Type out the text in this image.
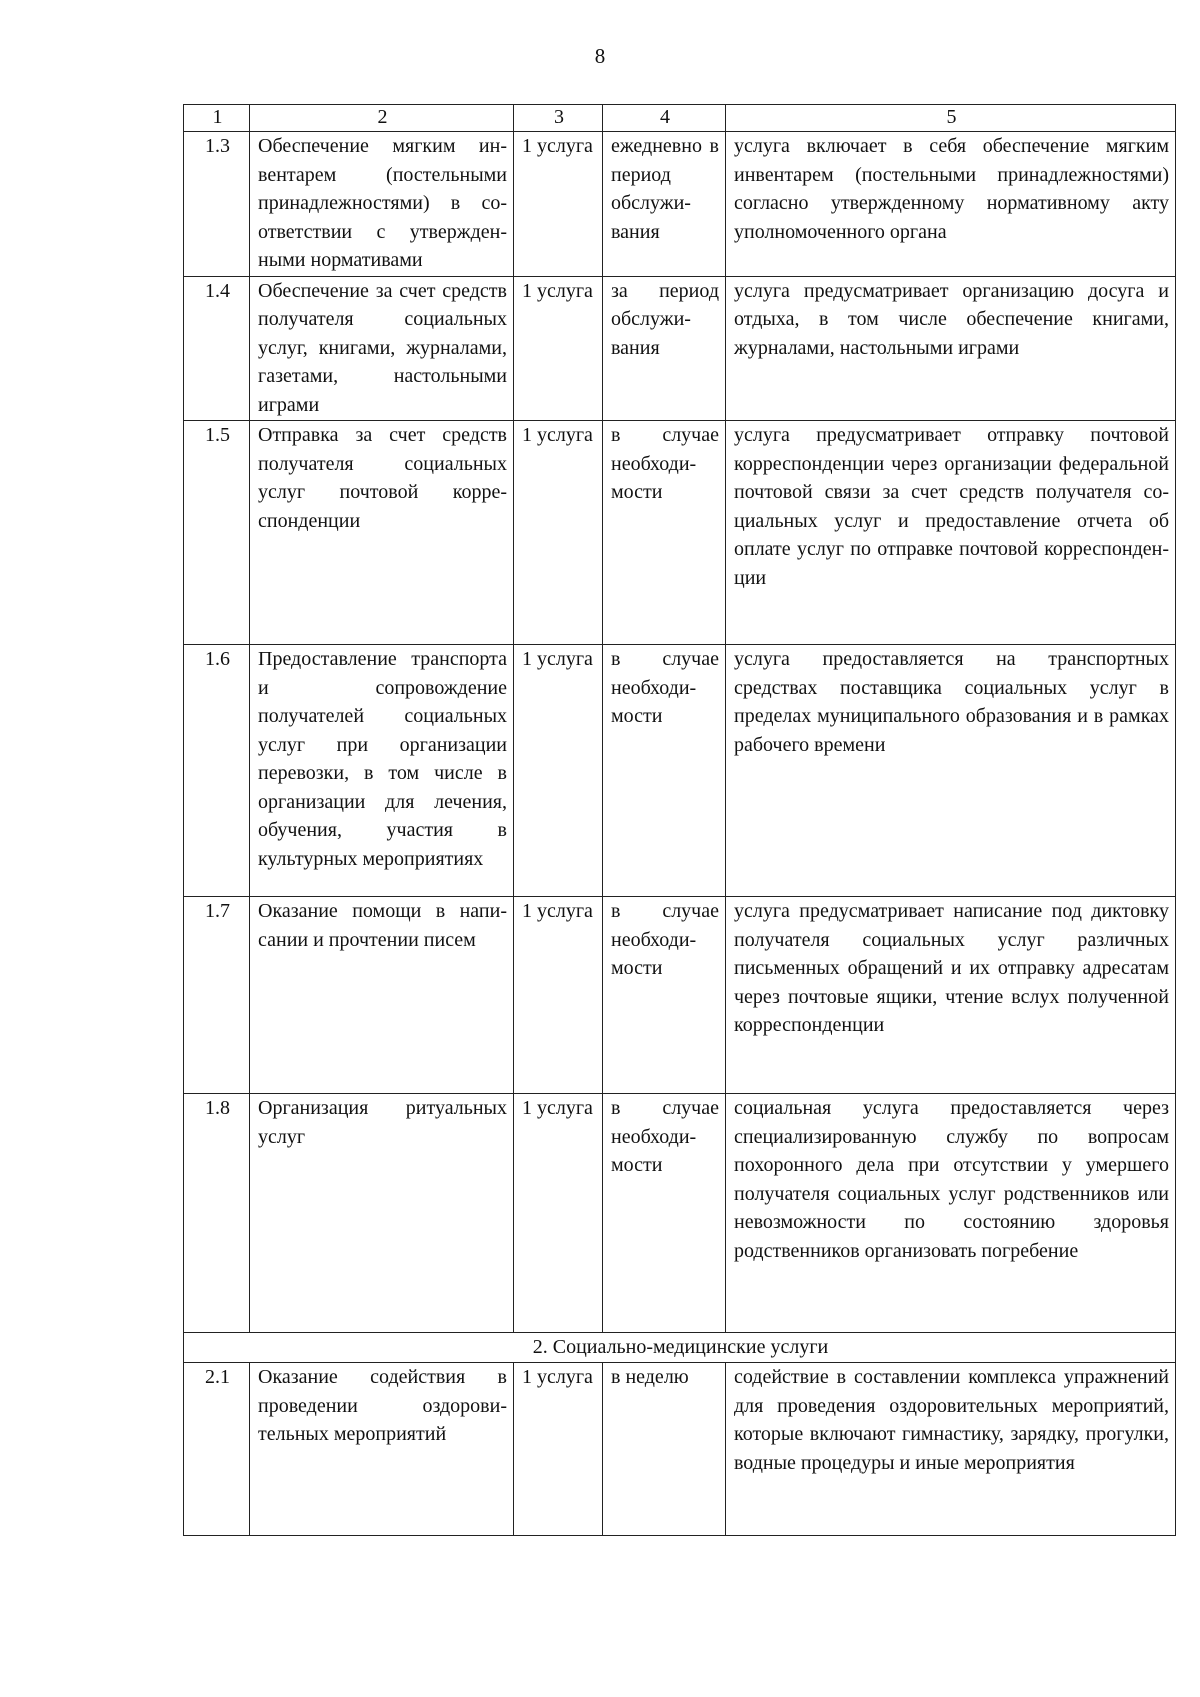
8
1	2	3	4	5
1.3	Обеспечение мягким инвентарем (постельными принадлежностями) в соответствии с утвержденными нормативами	1 услуга	ежедневно в период обслуживания	услуга включает в себя обеспечение мягким инвентарем (постельными принадлежностями) согласно утвержденному нормативному акту уполномоченного органа
1.4	Обеспечение за счет средств получателя социальных услуг, книгами, журналами, газетами, настольными играми	1 услуга	за период обслуживания	услуга предусматривает организацию досуга и отдыха, в том числе обеспечение книгами, журналами, настольными играми
1.5	Отправка за счет средств получателя социальных услуг почтовой корреспонденции	1 услуга	в случае необходимости	услуга предусматривает отправку почтовой корреспонденции через организации федеральной почтовой связи за счет средств получателя социальных услуг и предоставление отчета об оплате услуг по отправке почтовой корреспонденции
1.6	Предоставление транспорта и сопровождение получателей социальных услуг при организации перевозки, в том числе в организации для лечения, обучения, участия в культурных мероприятиях	1 услуга	в случае необходимости	услуга предоставляется на транспортных средствах поставщика социальных услуг в пределах муниципального образования и в рамках рабочего времени
1.7	Оказание помощи в написании и прочтении писем	1 услуга	в случае необходимости	услуга предусматривает написание под диктовку получателя социальных услуг различных письменных обращений и их отправку адресатам через почтовые ящики, чтение вслух полученной корреспонденции
1.8	Организация ритуальных услуг	1 услуга	в случае необходимости	социальная услуга предоставляется через специализированную службу по вопросам похоронного дела при отсутствии у умершего получателя социальных услуг родственников или невозможности по состоянию здоровья родственников организовать погребение
2. Социально-медицинские услуги				
2.1	Оказание содействия в проведении оздоровительных мероприятий	1 услуга	в неделю	содействие в составлении комплекса упражнений для проведения оздоровительных мероприятий, которые включают гимнастику, зарядку, прогулки, водные процедуры и иные мероприятия
